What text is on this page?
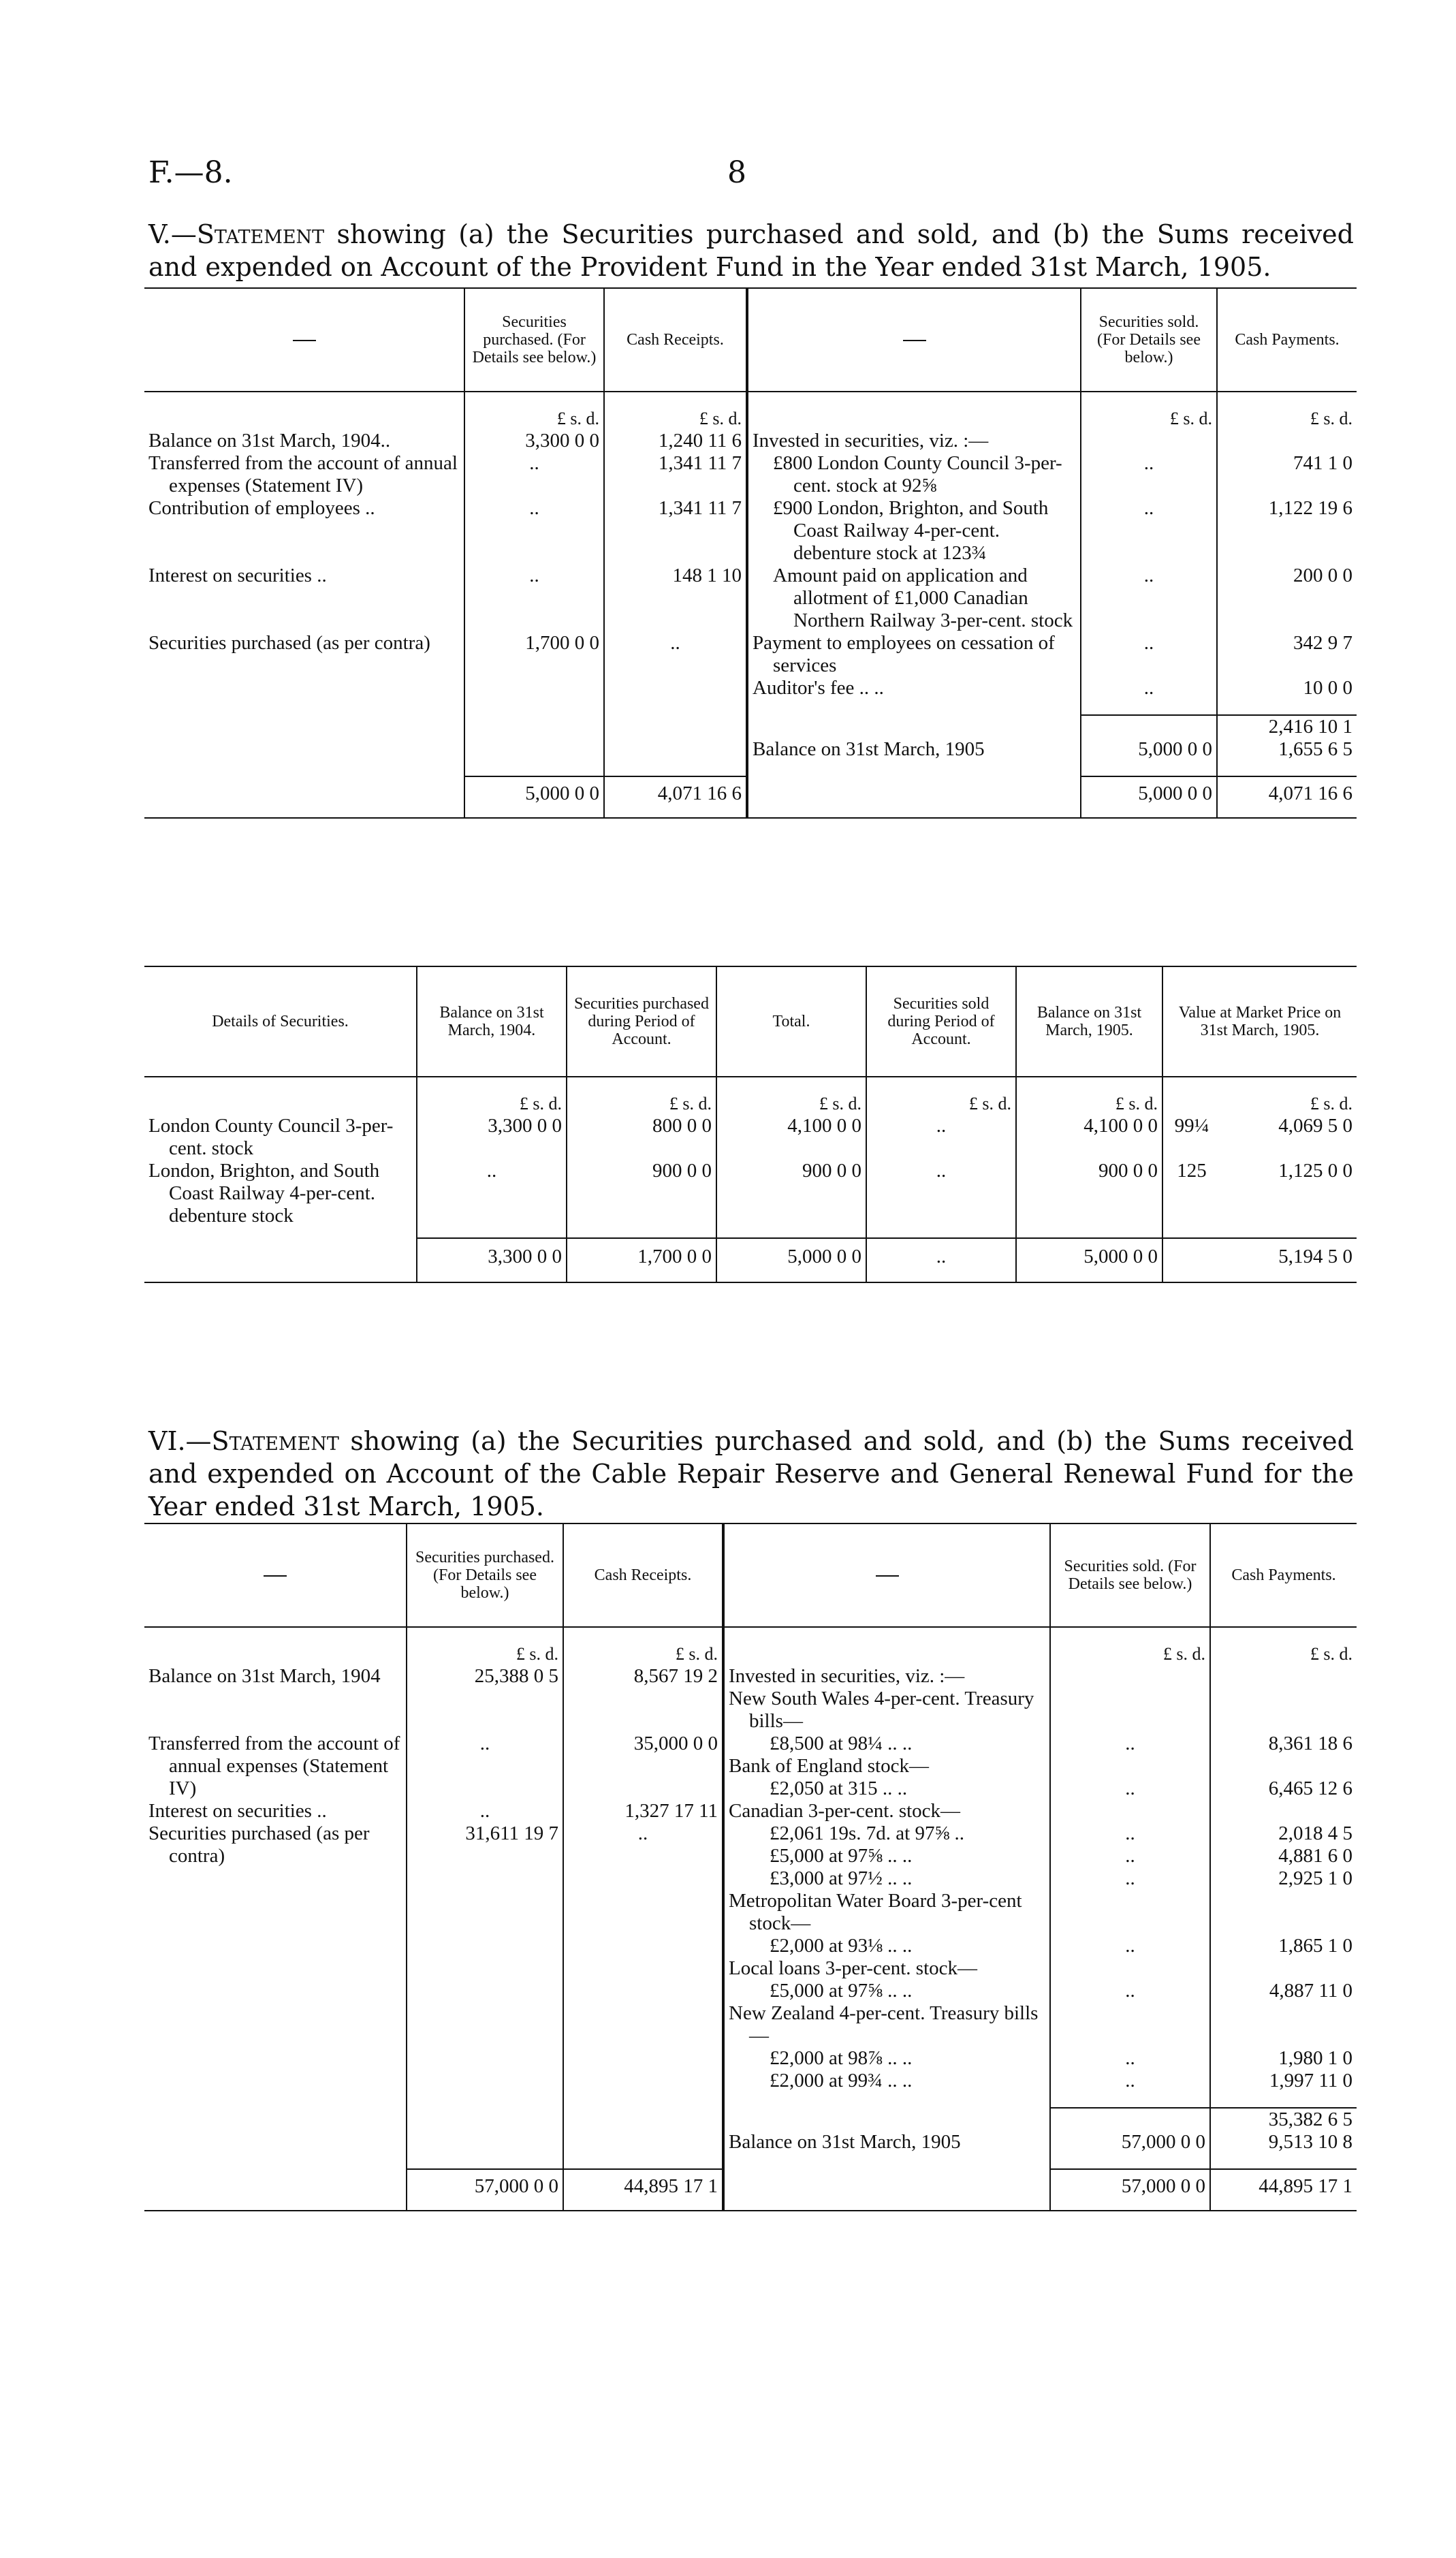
F.—8.	8
V.—Statement showing (a) the Securities purchased and sold, and (b) the Sums received and expended on Account of the Provident Fund in the Year ended 31st March, 1905.
	Securities purchased. (For Details see below.)	Cash Receipts.		Securities sold. (For Details see below.)	Cash Payments.

	£ s. d.	£ s. d.		£ s. d.	£ s. d.
Balance on 31st March, 1904..	3,300 0 0	1,240 11 6	Invested in securities, viz. :—		
Transferred from the account of annual expenses (Statement IV)	..	1,341 11 7	£800 London County Council 3-per-cent. stock at 92⅝	..	741 1 0
Contribution of employees ..	..	1,341 11 7	£900 London, Brighton, and South Coast Railway 4-per-cent. debenture stock at 123¾	..	1,122 19 6
Interest on securities ..	..	148 1 10	Amount paid on application and allotment of £1,000 Canadian Northern Railway 3-per-cent. stock	..	200 0 0
Securities purchased (as per contra)	1,700 0 0	..	Payment to employees on cessation of services	..	342 9 7
			Auditor's fee .. ..	..	10 0 0

					2,416 10 1
			Balance on 31st March, 1905	5,000 0 0	1,655 6 5

	5,000 0 0	4,071 16 6		5,000 0 0	4,071 16 6
Details of Securities.	Balance on 31st March, 1904.	Securities purchased during Period of Account.	Total.	Securities sold during Period of Account.	Balance on 31st March, 1905.	Value at Market Price on 31st March, 1905.	

	£ s. d.	£ s. d.	£ s. d.	£ s. d.	£ s. d.		£ s. d.
London County Council 3-per-cent. stock	3,300 0 0	800 0 0	4,100 0 0	..	4,100 0 0	99¼	4,069 5 0
London, Brighton, and South Coast Railway 4-per-cent. debenture stock	..	900 0 0	900 0 0	..	900 0 0	125	1,125 0 0
	3,300 0 0	1,700 0 0	5,000 0 0	..	5,000 0 0		5,194 5 0
VI.—Statement showing (a) the Securities purchased and sold, and (b) the Sums received and expended on Account of the Cable Repair Reserve and General Renewal Fund for the Year ended 31st March, 1905.
	Securities purchased. (For Details see below.)	Cash Receipts.		Securities sold. (For Details see below.)	Cash Payments.

	£ s. d.	£ s. d.		£ s. d.	£ s. d.
Balance on 31st March, 1904	25,388 0 5	8,567 19 2	Invested in securities, viz. :—		
			New South Wales 4-per-cent. Treasury bills—		
Transferred from the account of annual expenses (Statement IV)	..	35,000 0 0	£8,500 at 98¼ .. ..	..	8,361 18 6
			Bank of England stock—		
			£2,050 at 315 .. ..	..	6,465 12 6
Interest on securities ..	..	1,327 17 11	Canadian 3-per-cent. stock—		
Securities purchased (as per contra)	31,611 19 7	..	£2,061 19s. 7d. at 97⅝ ..	..	2,018 4 5
			£5,000 at 97⅝ .. ..	..	4,881 6 0
			£3,000 at 97½ .. ..	..	2,925 1 0
			Metropolitan Water Board 3-per-cent stock—		
			£2,000 at 93⅛ .. ..	..	1,865 1 0
			Local loans 3-per-cent. stock—		
			£5,000 at 97⅝ .. ..	..	4,887 11 0
			New Zealand 4-per-cent. Treasury bills—		
			£2,000 at 98⅞ .. ..	..	1,980 1 0
			£2,000 at 99¾ .. ..	..	1,997 11 0

					35,382 6 5
			Balance on 31st March, 1905	57,000 0 0	9,513 10 8

	57,000 0 0	44,895 17 1		57,000 0 0	44,895 17 1
